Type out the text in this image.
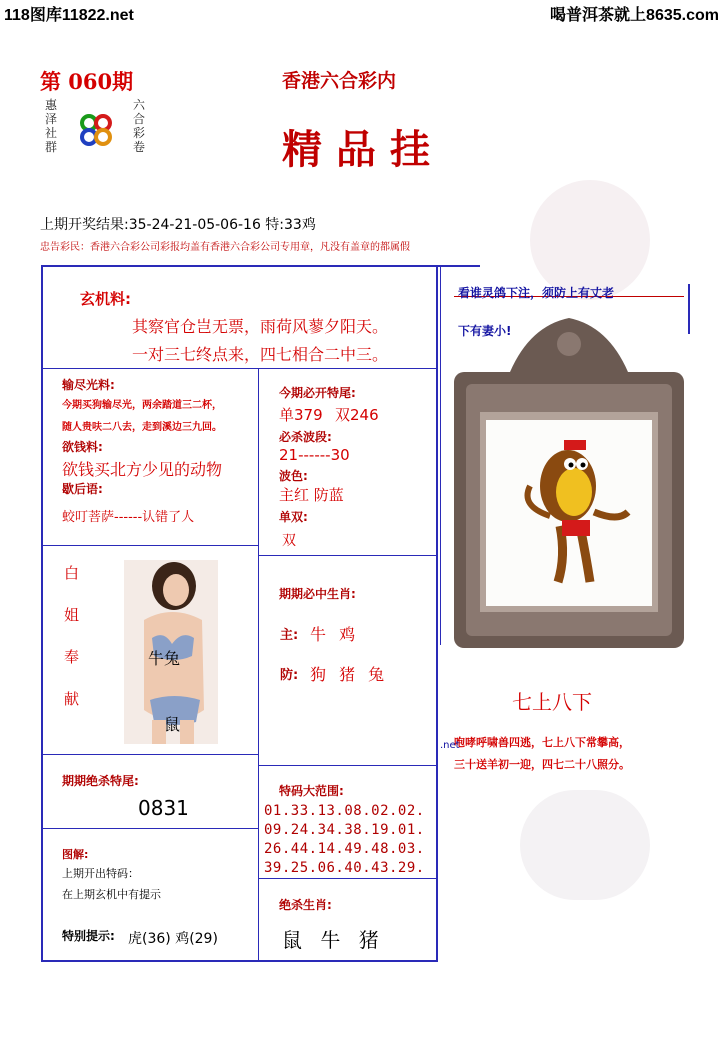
118图库11822.net	喝普洱茶就上8635.com
第 060期
惠泽社群
六合彩卷
香港六合彩内
精品挂
上期开奖结果:35-24-21-05-06-16 特:33鸡
忠告彩民：香港六合彩公司彩报均盖有香港六合彩公司专用章，凡没有盖章的都属假
玄机料:
其察官仓岂无票，雨荷风蓼夕阳天。
一对三七终点来，四七相合二中三。
看谁灵鸽下注，须防上有丈老
下有妻小!
输尽光料:
今期买狗输尽光，两余踏道三二杯，
随人贵呋二八去，走到溪边三九回。
欲钱料:
欲钱买北方少见的动物
歇后语:
蛟叮菩萨------认错了人
今期必开特尾:
单379 双246
必杀波段:
21------30
波色:
主红 防蓝
单双:
双
白
姐
奉
献
牛兔
鼠
期期必中生肖:
主: 牛 鸡
防: 狗 猪 兔
七上八下
咆哮呼啸兽四逃，七上八下常攀高，
三十送羊初一迎，四七二十八照分。
.net
期期绝杀特尾:
0831
特码大范围:
01.33.13.08.02.02.
09.24.34.38.19.01.
26.44.14.49.48.03.
39.25.06.40.43.29.
图解:
上期开出特码：
在上期玄机中有提示
特别提示: 虎(36) 鸡(29)
绝杀生肖:
鼠 牛 猪
